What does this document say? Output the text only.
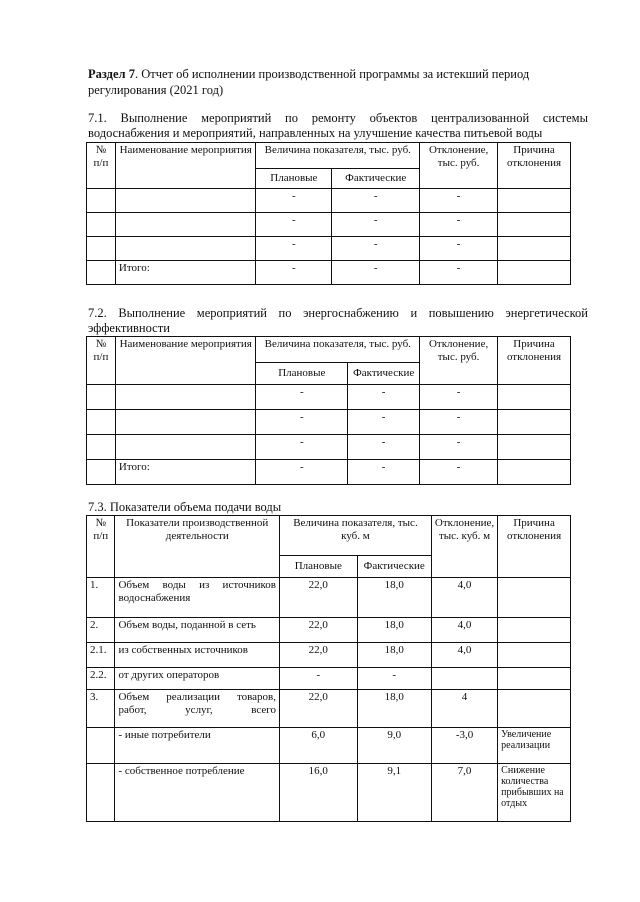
Раздел 7. Отчет об исполнении производственной программы за истекший период регулирования (2021 год)
7.1. Выполнение мероприятий по ремонту объектов централизованной системы
водоснабжения и мероприятий, направленных на улучшение качества питьевой воды
№ п/п	Наименование мероприятия	Величина показателя, тыс. руб.		Отклонение, тыс. руб.	Причина отклонения
		Плановые	Фактические		
		-	-	-	
		-	-	-	
		-	-	-	
	Итого:	-	-	-	
7.2. Выполнение мероприятий по энергоснабжению и повышению энергетической
эффективности
№ п/п	Наименование мероприятия	Величина показателя, тыс. руб.		Отклонение, тыс. руб.	Причина отклонения
		Плановые	Фактические		
		-	-	-	
		-	-	-	
		-	-	-	
	Итого:	-	-	-	
7.3. Показатели объема подачи воды
№ п/п	Показатели производственной деятельности	Величина показателя, тыс. куб. м		Отклонение, тыс. куб. м	Причина отклонения
		Плановые	Фактические		
1.	Объем воды из источников водоснабжения	22,0	18,0	4,0	
2.	Объем воды, поданной в сеть	22,0	18,0	4,0	
2.1.	из собственных источников	22,0	18,0	4,0	
2.2.	от других операторов	-	-		
3.	Объем реализации товаров, работ, услуг, всего	22,0	18,0	4	
	- иные потребители	6,0	9,0	-3,0	Увеличение реализации
	- собственное потребление	16,0	9,1	7,0	Снижение количества прибывших на отдых
